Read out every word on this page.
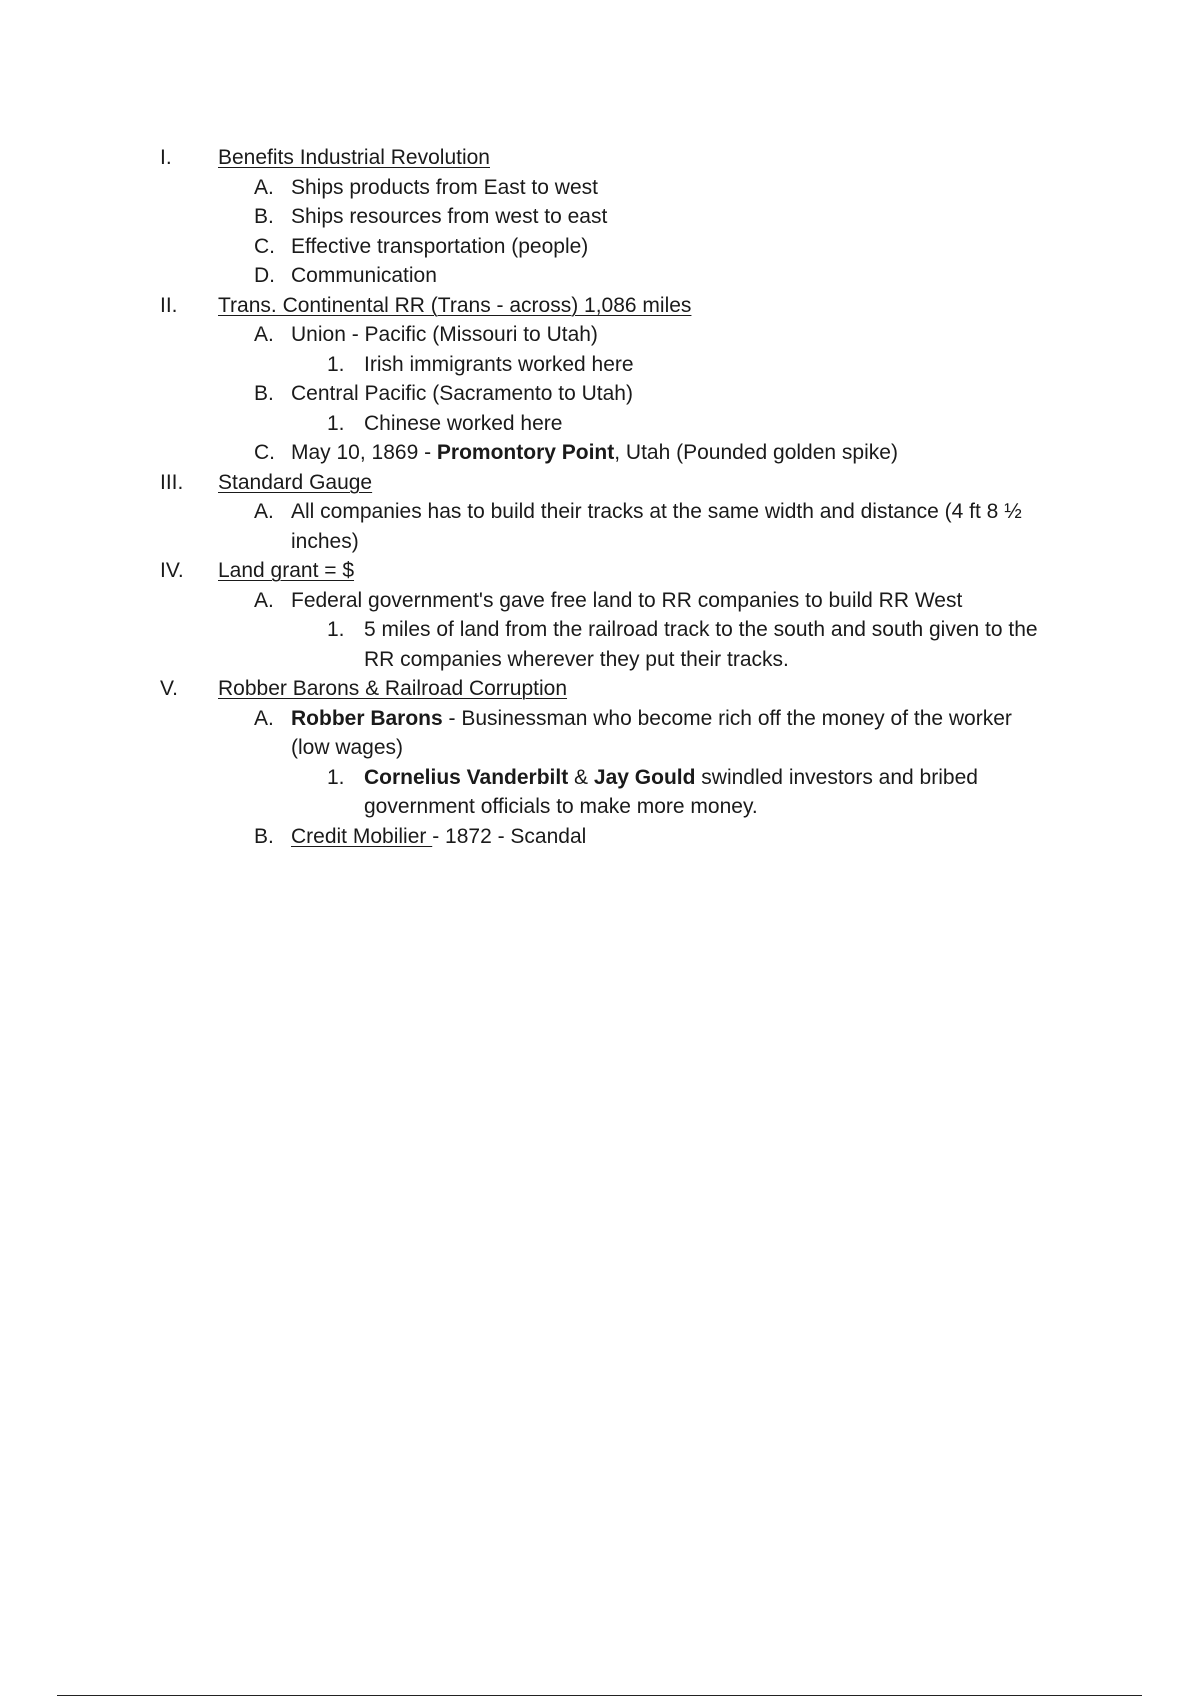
I.	Benefits Industrial Revolution
A. Ships products from East to west
B. Ships resources from west to east
C. Effective transportation (people)
D. Communication
II.	Trans. Continental RR (Trans - across) 1,086 miles
A. Union - Pacific (Missouri to Utah)
1. Irish immigrants worked here
B. Central Pacific (Sacramento to Utah)
1. Chinese worked here
C. May 10, 1869 - Promontory Point, Utah (Pounded golden spike)
III.	Standard Gauge
A. All companies has to build their tracks at the same width and distance (4 ft 8 ½
inches)
IV. Land grant = $
A. Federal government's gave free land to RR companies to build RR West
1. 5 miles of land from the railroad track to the south and south given to the
RR companies wherever they put their tracks.
V.	Robber Barons & Railroad Corruption
A. Robber Barons - Businessman who become rich off the money of the worker
(low wages)
1. Cornelius Vanderbilt & Jay Gould swindled investors and bribed
government officials to make more money.
B. Credit Mobilier - 1872 - Scandal
